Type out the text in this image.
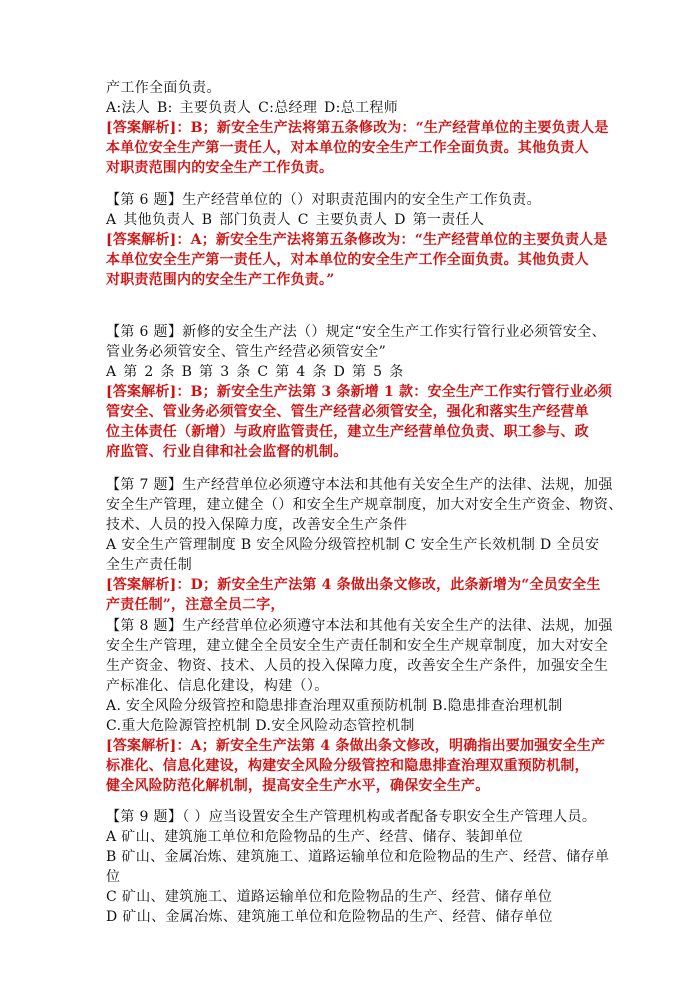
产工作全面负责。

A:法人 B: 主要负责人 C:总经理 D:总工程师

[答案解析]：B；新安全生产法将第五条修改为：“生产经营单位的主要负责人是

本单位安全生产第一责任人，对本单位的安全生产工作全面负责。其他负责人

对职责范围内的安全生产工作负责。

【第 6 题】生产经营单位的（）对职责范围内的安全生产工作负责。

A 其他负责人 B 部门负责人 C 主要负责人 D 第一责任人

[答案解析]：A；新安全生产法将第五条修改为：“生产经营单位的主要负责人是

本单位安全生产第一责任人，对本单位的安全生产工作全面负责。其他负责人

对职责范围内的安全生产工作负责。”

【第 6 题】新修的安全生产法（）规定“安全生产工作实行管行业必须管安全、

管业务必须管安全、管生产经营必须管安全”

A 第 2 条 B 第 3 条 C 第 4 条 D 第 5 条

[答案解析]：B；新安全生产法第 3 条新增 1 款：安全生产工作实行管行业必须

管安全、管业务必须管安全、管生产经营必须管安全，强化和落实生产经营单

位主体责任（新增）与政府监管责任，建立生产经营单位负责、职工参与、政

府监管、行业自律和社会监督的机制。

【第 7 题】生产经营单位必须遵守本法和其他有关安全生产的法律、法规，加强

安全生产管理，建立健全（）和安全生产规章制度，加大对安全生产资金、物资、

技术、人员的投入保障力度，改善安全生产条件

A 安全生产管理制度 B 安全风险分级管控机制 C 安全生产长效机制 D 全员安

全生产责任制

[答案解析]：D；新安全生产法第 4 条做出条文修改，此条新增为“全员安全生

产责任制”，注意全员二字，

【第 8 题】生产经营单位必须遵守本法和其他有关安全生产的法律、法规，加强

安全生产管理，建立健全全员安全生产责任制和安全生产规章制度，加大对安全

生产资金、物资、技术、人员的投入保障力度，改善安全生产条件，加强安全生

产标准化、信息化建设，构建（）。

A. 安全风险分级管控和隐患排查治理双重预防机制 B.隐患排查治理机制

C.重大危险源管控机制 D.安全风险动态管控机制

[答案解析]：A；新安全生产法第 4 条做出条文修改，明确指出要加强安全生产

标准化、信息化建设，构建安全风险分级管控和隐患排查治理双重预防机制，

健全风险防范化解机制，提高安全生产水平，确保安全生产。

【第 9 题】（ ）应当设置安全生产管理机构或者配备专职安全生产管理人员。

A 矿山、建筑施工单位和危险物品的生产、经营、储存、装卸单位

B 矿山、金属冶炼、建筑施工、道路运输单位和危险物品的生产、经营、储存单

位

C 矿山、建筑施工、道路运输单位和危险物品的生产、经营、储存单位

D 矿山、金属冶炼、建筑施工单位和危险物品的生产、经营、储存单位
